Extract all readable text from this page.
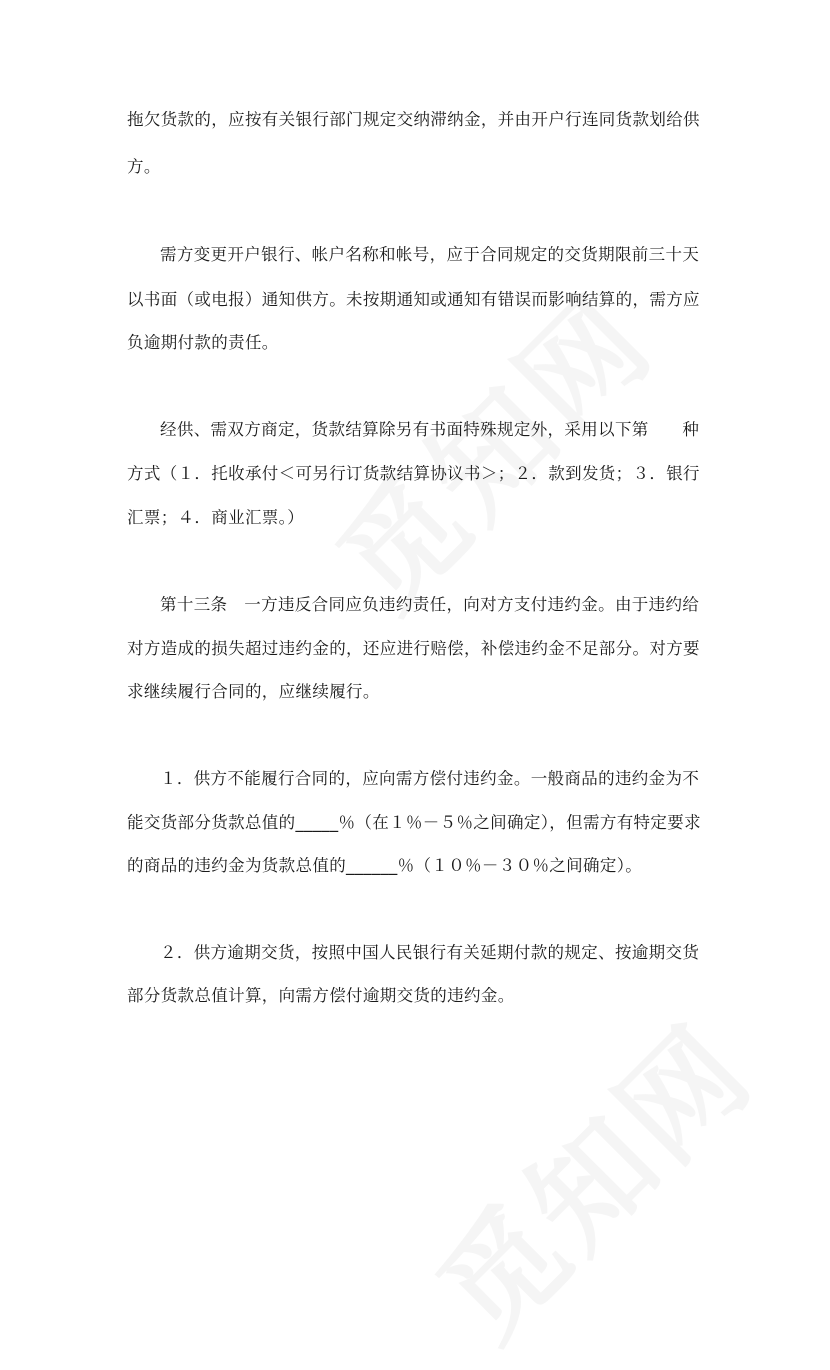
拖欠货款的，应按有关银行部门规定交纳滞纳金，并由开户行连同货款划给供
方。
需方变更开户银行、帐户名称和帐号，应于合同规定的交货期限前三十天
以书面（或电报）通知供方。未按期通知或通知有错误而影响结算的，需方应
负逾期付款的责任。
经供、需双方商定，货款结算除另有书面特殊规定外，采用以下第　　种
方式（１．托收承付＜可另行订货款结算协议书＞；２．款到发货；３．银行
汇票；４．商业汇票。）
第十三条　一方违反合同应负违约责任，向对方支付违约金。由于违约给
对方造成的损失超过违约金的，还应进行赔偿，补偿违约金不足部分。对方要
求继续履行合同的，应继续履行。
１．供方不能履行合同的，应向需方偿付违约金。一般商品的违约金为不
能交货部分货款总值的_____％（在１％－５％之间确定），但需方有特定要求
的商品的违约金为货款总值的______％（１０％－３０％之间确定）。
２．供方逾期交货，按照中国人民银行有关延期付款的规定、按逾期交货
部分货款总值计算，向需方偿付逾期交货的违约金。
